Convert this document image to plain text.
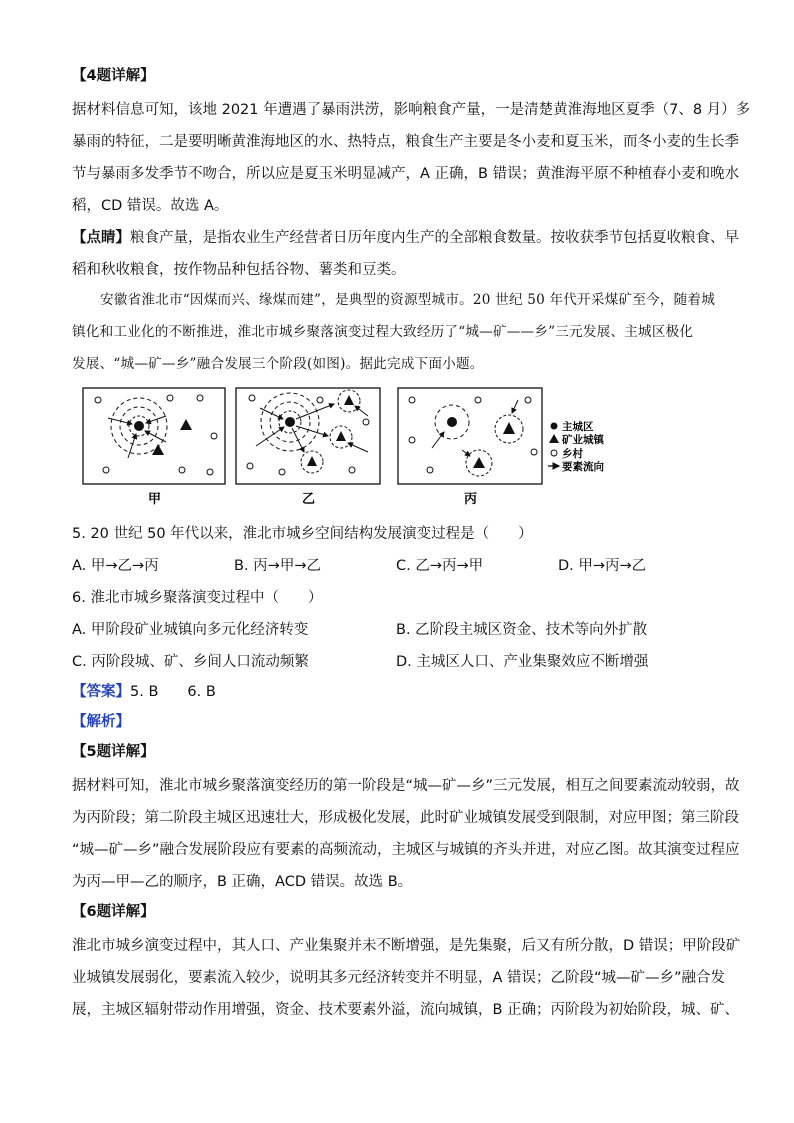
【4题详解】
据材料信息可知，该地 2021 年遭遇了暴雨洪涝，影响粮食产量，一是清楚黄淮海地区夏季（7、8 月）多
暴雨的特征，二是要明晰黄淮海地区的水、热特点，粮食生产主要是冬小麦和夏玉米，而冬小麦的生长季
节与暴雨多发季节不吻合，所以应是夏玉米明显减产，A 正确，B 错误；黄淮海平原不种植春小麦和晚水
稻，CD 错误。故选 A。
【点睛】粮食产量，是指农业生产经营者日历年度内生产的全部粮食数量。按收获季节包括夏收粮食、早
稻和秋收粮食，按作物品种包括谷物、薯类和豆类。
安徽省淮北市“因煤而兴、缘煤而建”，是典型的资源型城市。20 世纪 50 年代开采煤矿至今，随着城
镇化和工业化的不断推进，淮北市城乡聚落演变过程大致经历了“城—矿——乡”三元发展、主城区极化
发展、“城—矿—乡”融合发展三个阶段(如图)。据此完成下面小题。
甲	乙	丙
主城区
矿业城镇
乡村
要素流向
5. 20 世纪 50 年代以来，淮北市城乡空间结构发展演变过程是（　　）
A. 甲→乙→丙	B. 丙→甲→乙	C. 乙→丙→甲	D. 甲→丙→乙
6. 淮北市城乡聚落演变过程中（　　）
A. 甲阶段矿业城镇向多元化经济转变	B. 乙阶段主城区资金、技术等向外扩散
C. 丙阶段城、矿、乡间人口流动频繁	D. 主城区人口、产业集聚效应不断增强
【答案】5. B　　6. B
【解析】
【5题详解】
据材料可知，淮北市城乡聚落演变经历的第一阶段是“城—矿—乡”三元发展，相互之间要素流动较弱，故
为丙阶段；第二阶段主城区迅速壮大，形成极化发展，此时矿业城镇发展受到限制，对应甲图；第三阶段
“城—矿—乡”融合发展阶段应有要素的高频流动，主城区与城镇的齐头并进，对应乙图。故其演变过程应
为丙—甲—乙的顺序，B 正确，ACD 错误。故选 B。
【6题详解】
淮北市城乡演变过程中，其人口、产业集聚并未不断增强，是先集聚，后又有所分散，D 错误；甲阶段矿
业城镇发展弱化，要素流入较少，说明其多元经济转变并不明显，A 错误；乙阶段“城—矿—乡”融合发
展，主城区辐射带动作用增强，资金、技术要素外溢，流向城镇，B 正确；丙阶段为初始阶段，城、矿、
